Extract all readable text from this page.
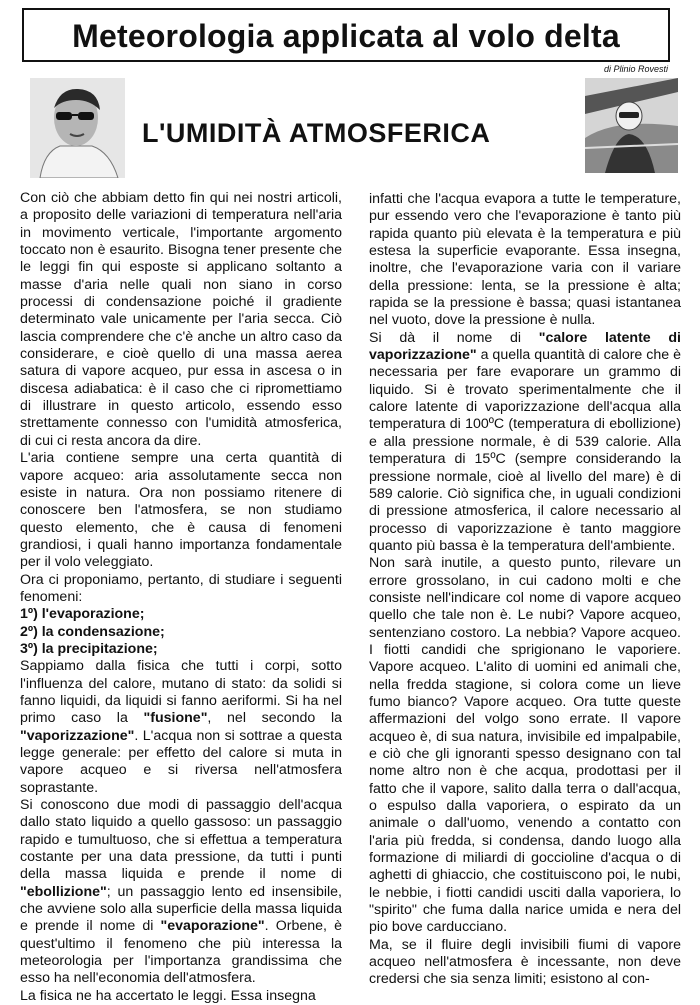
Meteorologia applicata al volo delta
di Plinio Rovesti
L'UMIDITÀ ATMOSFERICA

Con ciò che abbiam detto fin qui nei nostri articoli, a proposito delle variazioni di temperatura nell'aria in movimento verticale, l'importante argomento toccato non è esaurito. Bisogna tener presente che le leggi fin qui esposte si applicano soltanto a masse d'aria nelle quali non siano in corso processi di condensazione poiché il gradiente determinato vale unicamente per l'aria secca. Ciò lascia comprendere che c'è anche un altro caso da considerare, e cioè quello di una massa aerea satura di vapore acqueo, pur essa in ascesa o in discesa adiabatica: è il caso che ci ripromettiamo di illustrare in questo articolo, essendo esso strettamente connesso con l'umidità atmosferica, di cui ci resta ancora da dire.

L'aria contiene sempre una certa quantità di vapore acqueo: aria assolutamente secca non esiste in natura. Ora non possiamo ritenere di conoscere ben l'atmosfera, se non studiamo questo elemento, che è causa di fenomeni grandiosi, i quali hanno importanza fondamentale per il volo veleggiato.

Ora ci proponiamo, pertanto, di studiare i seguenti fenomeni:

1º) l'evaporazione;

2º) la condensazione;

3º) la precipitazione;

Sappiamo dalla fisica che tutti i corpi, sotto l'influenza del calore, mutano di stato: da solidi si fanno liquidi, da liquidi si fanno aeriformi. Si ha nel primo caso la "fusione", nel secondo la "vaporizzazione". L'acqua non si sottrae a questa legge generale: per effetto del calore si muta in vapore acqueo e si riversa nell'atmosfera soprastante.

Si conoscono due modi di passaggio dell'acqua dallo stato liquido a quello gassoso: un passaggio rapido e tumultuoso, che si effettua a temperatura costante per una data pressione, da tutti i punti della massa liquida e prende il nome di "ebollizione"; un passaggio lento ed insensibile, che avviene solo alla superficie della massa liquida e prende il nome di "evaporazione". Orbene, è quest'ultimo il fenomeno che più interessa la meteorologia per l'importanza grandissima che esso ha nell'economia dell'atmosfera.

La fisica ne ha accertato le leggi. Essa insegna

infatti che l'acqua evapora a tutte le temperature, pur essendo vero che l'evaporazione è tanto più rapida quanto più elevata è la temperatura e più estesa la superficie evaporante. Essa insegna, inoltre, che l'evaporazione varia con il variare della pressione: lenta, se la pressione è alta; rapida se la pressione è bassa; quasi istantanea nel vuoto, dove la pressione è nulla.

Si dà il nome di "calore latente di vaporizzazione" a quella quantità di calore che è necessaria per fare evaporare un grammo di liquido. Si è trovato sperimentalmente che il calore latente di vaporizzazione dell'acqua alla temperatura di 100ºC (temperatura di ebollizione) e alla pressione normale, è di 539 calorie. Alla temperatura di 15ºC (sempre considerando la pressione normale, cioè al livello del mare) è di 589 calorie. Ciò significa che, in uguali condizioni di pressione atmosferica, il calore necessario al processo di vaporizzazione è tanto maggiore quanto più bassa è la temperatura dell'ambiente.

Non sarà inutile, a questo punto, rilevare un errore grossolano, in cui cadono molti e che consiste nell'indicare col nome di vapore acqueo quello che tale non è. Le nubi? Vapore acqueo, sentenziano costoro. La nebbia? Vapore acqueo. I fiotti candidi che sprigionano le vaporiere. Vapore acqueo. L'alito di uomini ed animali che, nella fredda stagione, si colora come un lieve fumo bianco? Vapore acqueo. Ora tutte queste affermazioni del volgo sono errate. Il vapore acqueo è, di sua natura, invisibile ed impalpabile, e ciò che gli ignoranti spesso designano con tal nome altro non è che acqua, prodottasi per il fatto che il vapore, salito dalla terra o dall'acqua, o espulso dalla vaporiera, o espirato da un animale o dall'uomo, venendo a contatto con l'aria più fredda, si condensa, dando luogo alla formazione di miliardi di goccioline d'acqua o di aghetti di ghiaccio, che costituiscono poi, le nubi, le nebbie, i fiotti candidi usciti dalla vaporiera, lo "spirito" che fuma dalla narice umida e nera del pio bove carducciano.

Ma, se il fluire degli invisibili fiumi di vapore acqueo nell'atmosfera è incessante, non deve credersi che sia senza limiti; esistono al con-
